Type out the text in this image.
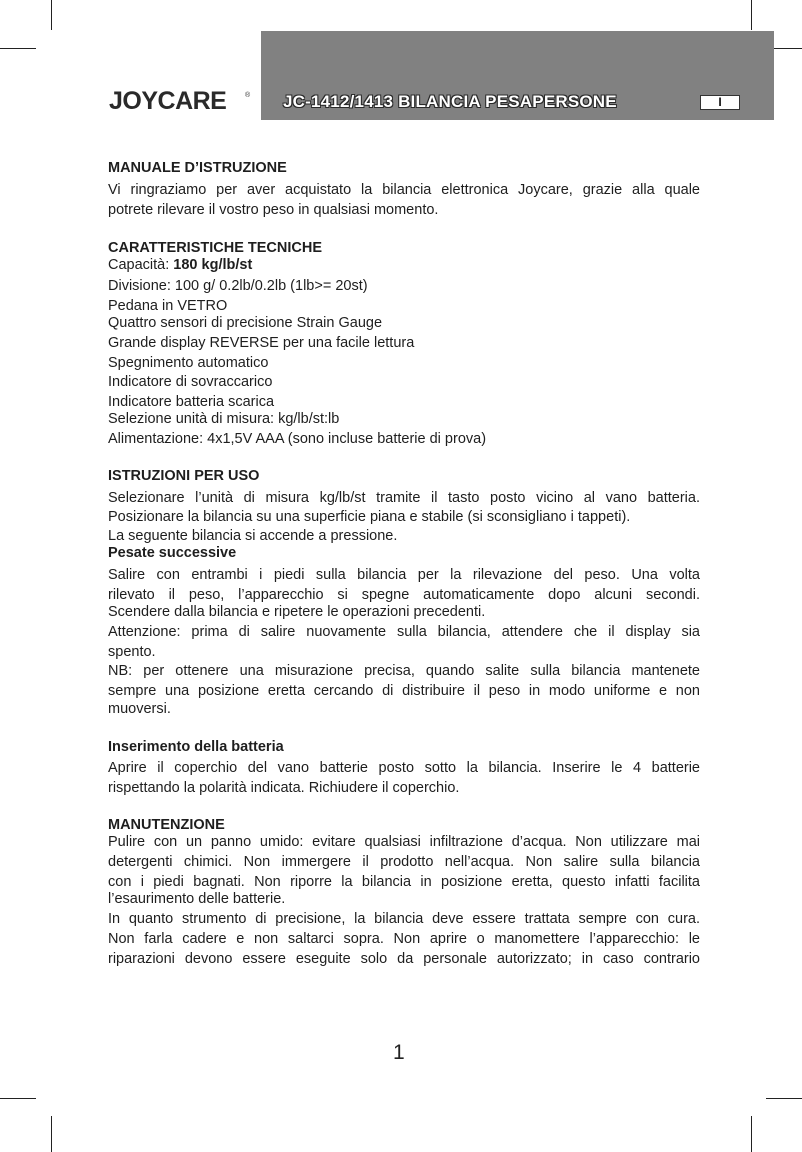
JOYCARE	® JC-1412/1413 BILANCIA PESAPERSONE	I

MANUALE D’ISTRUZIONE

Vi ringraziamo per aver acquistato la bilancia elettronica Joycare, grazie alla quale

potrete rilevare il vostro peso in qualsiasi momento.

CARATTERISTICHE TECNICHE

Capacità: 180 kg/lb/st

Divisione: 100 g/ 0.2lb/0.2lb (1lb>= 20st)

Pedana in VETRO

Quattro sensori di precisione Strain Gauge

Grande display REVERSE per una facile lettura

Spegnimento automatico

Indicatore di sovraccarico

Indicatore batteria scarica

Selezione unità di misura: kg/lb/st:lb

Alimentazione: 4x1,5V AAA (sono incluse batterie di prova)

ISTRUZIONI PER USO

Selezionare l’unità di misura kg/lb/st tramite il tasto posto vicino al vano batteria.

Posizionare la bilancia su una superficie piana e stabile (si sconsigliano i tappeti).

La seguente bilancia si accende a pressione.

Pesate successive

Salire con entrambi i piedi sulla bilancia per la rilevazione del peso. Una volta

rilevato il peso, l’apparecchio si spegne automaticamente dopo alcuni secondi.

Scendere dalla bilancia e ripetere le operazioni precedenti.

Attenzione: prima di salire nuovamente sulla bilancia, attendere che il display sia

spento.

NB: per ottenere una misurazione precisa, quando salite sulla bilancia mantenete

sempre una posizione eretta cercando di distribuire il peso in modo uniforme e non

muoversi.

Inserimento della batteria

Aprire il coperchio del vano batterie posto sotto la bilancia. Inserire le 4 batterie

rispettando la polarità indicata. Richiudere il coperchio.

MANUTENZIONE

Pulire con un panno umido: evitare qualsiasi infiltrazione d’acqua. Non utilizzare mai

detergenti chimici. Non immergere il prodotto nell’acqua. Non salire sulla bilancia

con i piedi bagnati. Non riporre la bilancia in posizione eretta, questo infatti facilita

l’esaurimento delle batterie.

In quanto strumento di precisione, la bilancia deve essere trattata sempre con cura.

Non farla cadere e non saltarci sopra. Non aprire o manomettere l’apparecchio: le

riparazioni devono essere eseguite solo da personale autorizzato; in caso contrario

1
